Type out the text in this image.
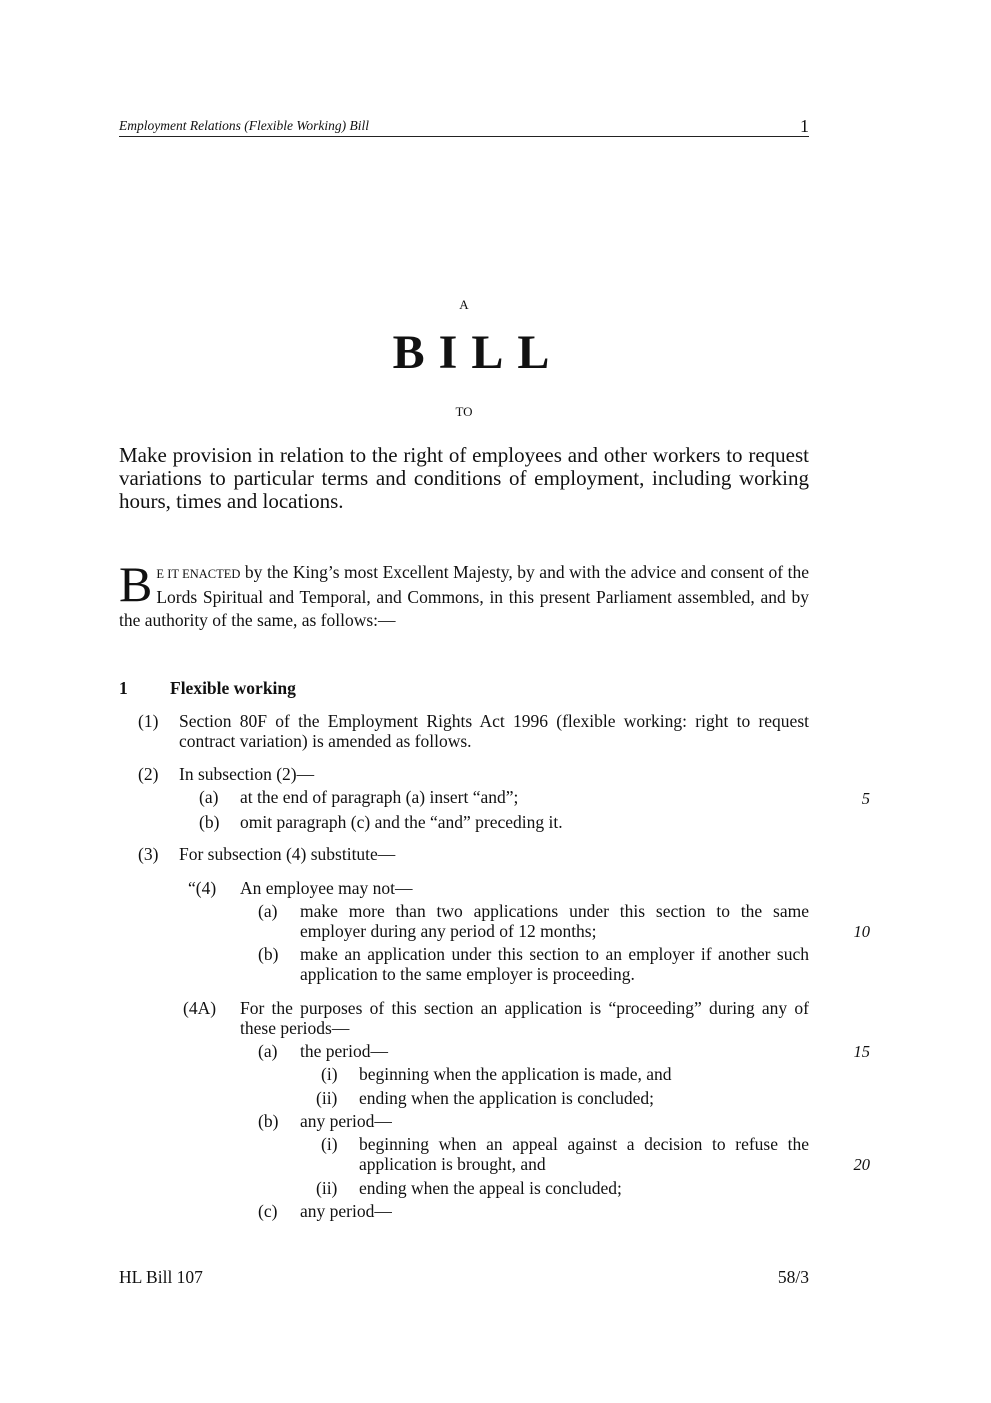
Employment Relations (Flexible Working) Bill	1
A
BILL
TO
Make provision in relation to the right of employees and other workers to request variations to particular terms and conditions of employment, including working hours, times and locations.
B E IT ENACTED by the King’s most Excellent Majesty, by and with the advice and consent of the Lords Spiritual and Temporal, and Commons, in this present Parliament assembled, and by the authority of the same, as follows:—
1 Flexible working
(1) Section 80F of the Employment Rights Act 1996 (flexible working: right to request contract variation) is amended as follows.
(2) In subsection (2)—
(a) at the end of paragraph (a) insert “and”;
(b) omit paragraph (c) and the “and” preceding it.
(3) For subsection (4) substitute—
“(4) An employee may not—
(a) make more than two applications under this section to the same employer during any period of 12 months;
(b) make an application under this section to an employer if another such application to the same employer is proceeding.
(4A) For the purposes of this section an application is “proceeding” during any of these periods—
(a) the period—
(i) beginning when the application is made, and
(ii) ending when the application is concluded;
(b) any period—
(i) beginning when an appeal against a decision to refuse the application is brought, and
(ii) ending when the appeal is concluded;
(c) any period—
5
10
15
20
HL Bill 107	58/3
